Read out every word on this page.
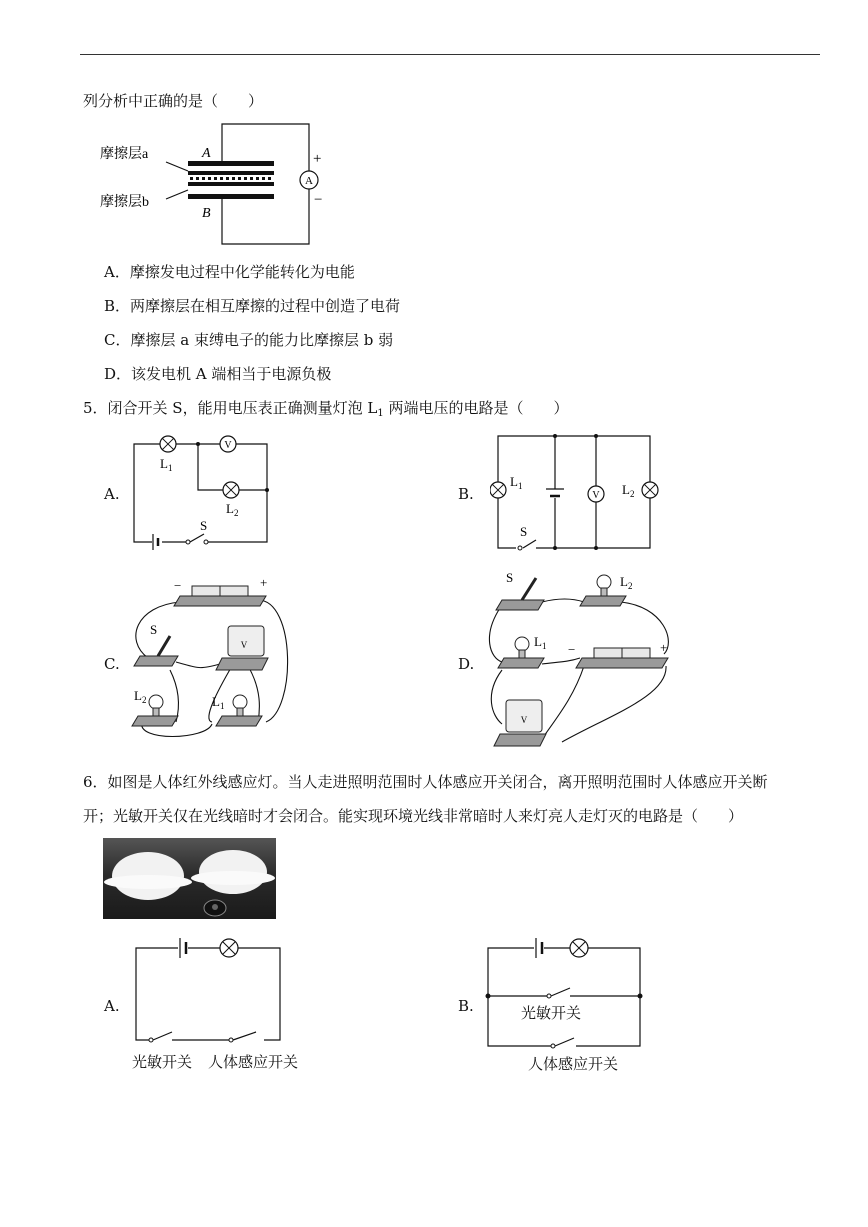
列分析中正确的是（　　）
A
+
−
A
B
摩擦层a
摩擦层b
A．摩擦发电过程中化学能转化为电能
B．两摩擦层在相互摩擦的过程中创造了电荷
C．摩擦层 a 束缚电子的能力比摩擦层 b 弱
D．该发电机 A 端相当于电源负极
5．闭合开关 S，能用电压表正确测量灯泡 $L_1$ 两端电压的电路是（　　）
A.	B.
C.	D.
V
$L_1$
$L_2$
S
V
$L_1$	$L_2$
S
−	+
S
V
$L_2$	$L_1$
S	$L_2$
$L_1$ −	+
V
6．如图是人体红外线感应灯。当人走进照明范围时人体感应开关闭合，离开照明范围时人体感应开关断
开；光敏开关仅在光线暗时才会闭合。能实现环境光线非常暗时人来灯亮人走灯灭的电路是（　　）
A.	B.
光敏开关 人体感应开关
光敏开关
人体感应开关
